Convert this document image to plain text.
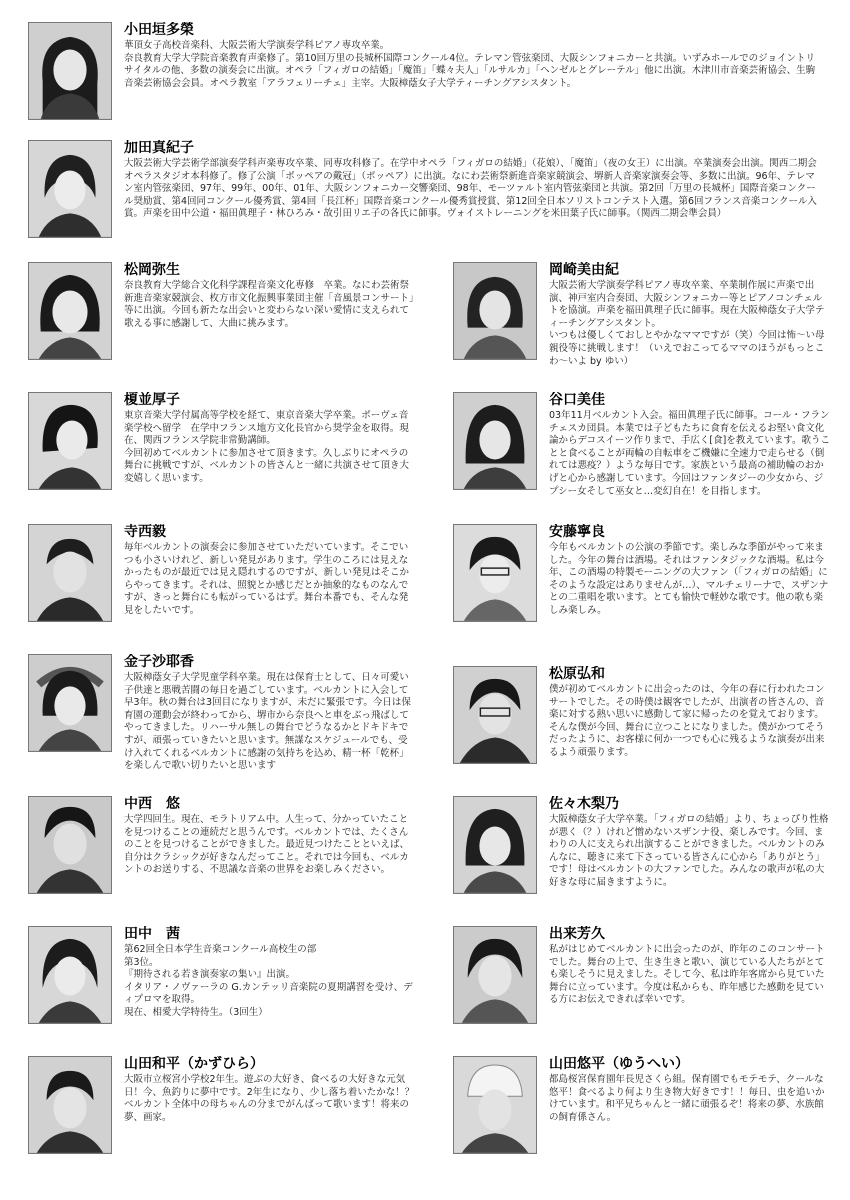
小田垣多榮
華頂女子高校音楽科、大阪芸術大学演奏学科ピアノ専攻卒業。
奈良教育大学大学院音楽教育声楽修了。第10回万里の長城杯国際コンクール4位。テレマン管弦楽団、大阪シンフォニカーと共演。いずみホールでのジョイントリサイタルの他、多数の演奏会に出演。オペラ「フィガロの結婚」「魔笛」「蝶々夫人」「ルサルカ」「ヘンゼルとグレーテル」他に出演。木津川市音楽芸術協会、生駒音楽芸術協会会員。オペラ教室「アラフェリーチェ」主宰。大阪樟蔭女子大学ティーチングアシスタント。
加田真紀子
大阪芸術大学芸術学部演奏学科声楽専攻卒業、同専攻科修了。在学中オペラ「フィガロの結婚」（花娘）、「魔笛」（夜の女王）に出演。卒業演奏会出演。関西二期会オペラスタジオ本科修了。修了公演「ポッペアの戴冠」（ポッペア）に出演。なにわ芸術祭新進音楽家競演会、堺新人音楽家演奏会等、多数に出演。96年、テレマン室内管弦楽団、97年、99年、00年、01年、大阪シンフォニカー交響楽団、98年、モーツァルト室内管弦楽団と共演。第2回「万里の長城杯」国際音楽コンクール奨励賞、第4回同コンクール優秀賞、第4回「長江杯」国際音楽コンクール優秀賞授賞、第12回全日本ソリストコンテスト入選。第6回フランス音楽コンクール入賞。声楽を田中公道・福田眞理子・林ひろみ・故引田リエ子の各氏に師事。ヴォイストレーニングを米田葉子氏に師事。（関西二期会準会員）
松岡弥生
奈良教育大学総合文化科学課程音楽文化専修　卒業。なにわ芸術祭新進音楽家競演会、枚方市文化振興事業団主催「音風景コンサート」等に出演。今回も新たな出会いと変わらない深い愛情に支えられて歌える事に感謝して、大曲に挑みます。
岡崎美由紀
大阪芸術大学演奏学科ピアノ専攻卒業、卒業制作展に声楽で出演、神戸室内合奏団、大阪シンフォニカー等とピアノコンチェルトを協演。声楽を福田眞理子氏に師事。現在大阪樟蔭女子大学ティーチングアシスタント。
いつもは優しくておしとやかなママですが（笑）今回は怖～い母親役等に挑戦します！（いえでおこってるママのほうがもっとこわ～いよ by ゆい）
榎並厚子
東京音楽大学付属高等学校を経て、東京音楽大学卒業。ボーヴェ音楽学校へ留学　在学中フランス地方文化長官から奨学金を取得。現在、関西フランス学院非常勤講師。
今回初めてベルカントに参加させて頂きます。久しぶりにオペラの舞台に挑戦ですが、ベルカントの皆さんと一緒に共演させて頂き大変嬉しく思います。
谷口美佳
03年11月ベルカント入会。福田眞理子氏に師事。コール・フランチェスカ団員。本業では子どもたちに食育を伝えるお堅い食文化論からデコスイーツ作りまで、手広く[食]を教えています。歌うことと食べることが両輪の自転車をご機嫌に全速力で走らせる（倒れては悪疫？）ような毎日です。家族という最高の補助輪のおかげと心から感謝しています。今回はファンタジーの少女から、ジプシー女そして巫女と…変幻自在！を目指します。
寺西毅
毎年ベルカントの演奏会に参加させていただいています。そこでいつも小さいけれど、新しい発見があります。学生のころには見えなかったものが最近では見え隠れするのですが、新しい発見はそこからやってきます。それは、照貌とか感じだとか抽象的なものなんですが、きっと舞台にも転がっているはず。舞台本番でも、そんな発見をしたいです。
安藤寧良
今年もベルカントの公演の季節です。楽しみな季節がやって来ました。今年の舞台は酒場。それはファンタジックな酒場。私は今年、この酒場の特製モーニングの大ファン（「フィガロの結婚」にそのような設定はありませんが…）、マルチェリーナで、スザンナとの二重唱を歌います。とても愉快で軽妙な歌です。他の歌も楽しみ楽しみ。
金子沙耶香
大阪樟蔭女子大学児童学科卒業。現在は保育士として、日々可愛い子供達と悪戦苦闘の毎日を過ごしています。ベルカントに入会して早3年。秋の舞台は3回目になりますが、未だに緊張です。今日は保育園の運動会が終わってから、堺市から奈良へと車をぶっ飛ばしてやってきました。リハーサル無しの舞台でどうなるかとドキドキですが、頑張っていきたいと思います。無謀なスケジュールでも、受け入れてくれるベルカントに感謝の気持ちを込め、精一杯「乾杯」を楽しんで歌い切りたいと思います
松原弘和
僕が初めてベルカントに出会ったのは、今年の春に行われたコンサートでした。その時僕は観客でしたが、出演者の皆さんの、音楽に対する熱い思いに感動して家に帰ったのを覚えております。そんな僕が今回、舞台に立つことになりました。僕がかつてそうだったように、お客様に何か一つでも心に残るような演奏が出来るよう頑張ります。
中西　悠
大学四回生。現在、モラトリアム中。人生って、分かっていたことを見つけることの連続だと思うんです。ベルカントでは、たくさんのことを見つけることができました。最近見つけたことといえば、自分はクラシックが好きなんだってこと。それでは今回も、ベルカントのお送りする、不思議な音楽の世界をお楽しみください。
佐々木梨乃
大阪樟蔭女子大学卒業。「フィガロの結婚」より、ちょっぴり性格が悪く（？）けれど憎めないスザンナ役、楽しみです。今回、まわりの人に支えられ出演することができました。ベルカントのみんなに、聴きに来て下さっている皆さんに心から「ありがとう」です！母はベルカントの大ファンでした。みんなの歌声が私の大好きな母に届きますように。
田中　茜
第62回全日本学生音楽コンクール高校生の部
第3位。
『期待される若き演奏家の集い』出演。
イタリア・ノヴァーラの G.カンテッリ音楽院の夏期講習を受け、ディプロマを取得。
現在、相愛大学特待生。（3回生）
出来芳久
私がはじめてベルカントに出会ったのが、昨年のこのコンサートでした。舞台の上で、生き生きと歌い、演じている人たちがとても楽しそうに見えました。そして今、私は昨年客席から見ていた舞台に立っています。今度は私からも、昨年感じた感動を見ている方にお伝えできれば幸いです。
山田和平（かずひら）
大阪市立桜宮小学校2年生。遊ぶの大好き、食べるの大好きな元気日！今、魚釣りに夢中です。2年生になり、少し落ち着いたかな！？ベルカント全体中の母ちゃんの分までがんばって歌います！将来の夢、画家。
山田悠平（ゆうへい）
都島桜宮保育園年長児さくら組。保育園でもモテモテ、クールな悠平！食べるより何より生き物大好きです！！毎日、虫を追いかけています。和平兄ちゃんと一緒に頑張るぞ！将来の夢、水族館の飼育係さん。
